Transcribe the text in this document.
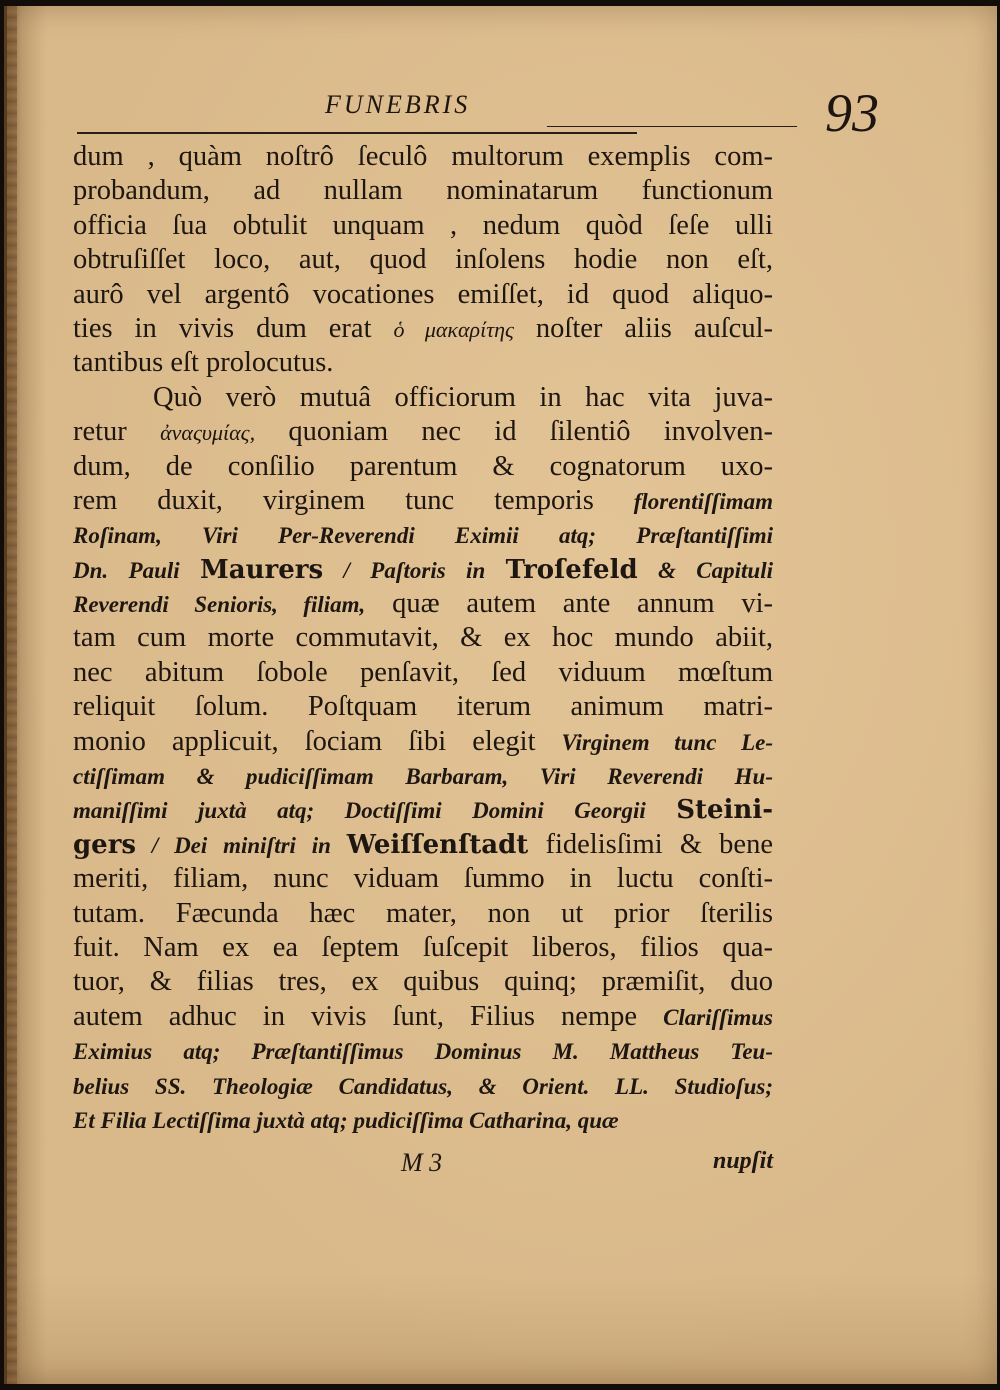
FUNEBRIS	93
dum , quàm noſtrô ſeculô multorum exemplis com-
probandum, ad nullam nominatarum functionum
officia ſua obtulit unquam , nedum quòd ſeſe ulli
obtruſiſſet loco, aut, quod inſolens hodie non eſt,
aurô vel argentô vocationes emiſſet, id quod aliquo-
ties in vivis dum erat ὁ μακαρίτης noſter aliis auſcul-
tantibus eſt prolocutus.
Quò verò mutuâ officiorum in hac vita juva-
retur ἀναςυμίας, quoniam nec id ſilentiô involven-
dum, de conſilio parentum & cognatorum uxo-
rem duxit, virginem tunc temporis florentiſſimam
Roſinam, Viri Per-Reverendi Eximii atq; Præſtantiſſimi
Dn. Pauli Maurers / Paſtoris in Troſefeld & Capituli
Reverendi Senioris, filiam, quæ autem ante annum vi-
tam cum morte commutavit, & ex hoc mundo abiit,
nec abitum ſobole penſavit, ſed viduum mœſtum
reliquit ſolum. Poſtquam iterum animum matri-
monio applicuit, ſociam ſibi elegit Virginem tunc Le-
ctiſſimam & pudiciſſimam Barbaram, Viri Reverendi Hu-
maniſſimi juxtà atq; Doctiſſimi Domini Georgii Steini-
gers / Dei miniſtri in Weiſſenſtadt fidelisſimi & bene
meriti, filiam, nunc viduam ſummo in luctu conſti-
tutam. Fæcunda hæc mater, non ut prior ſterilis
fuit. Nam ex ea ſeptem ſuſcepit liberos, filios qua-
tuor, & filias tres, ex quibus quinq; præmiſit, duo
autem adhuc in vivis ſunt, Filius nempe Clariſſimus
Eximius atq; Præſtantiſſimus Dominus M. Mattheus Teu-
belius SS. Theologiæ Candidatus, & Orient. LL. Studioſus;
Et Filia Lectiſſima juxtà atq; pudiciſſima Catharina, quæ
M 3	nupſit
